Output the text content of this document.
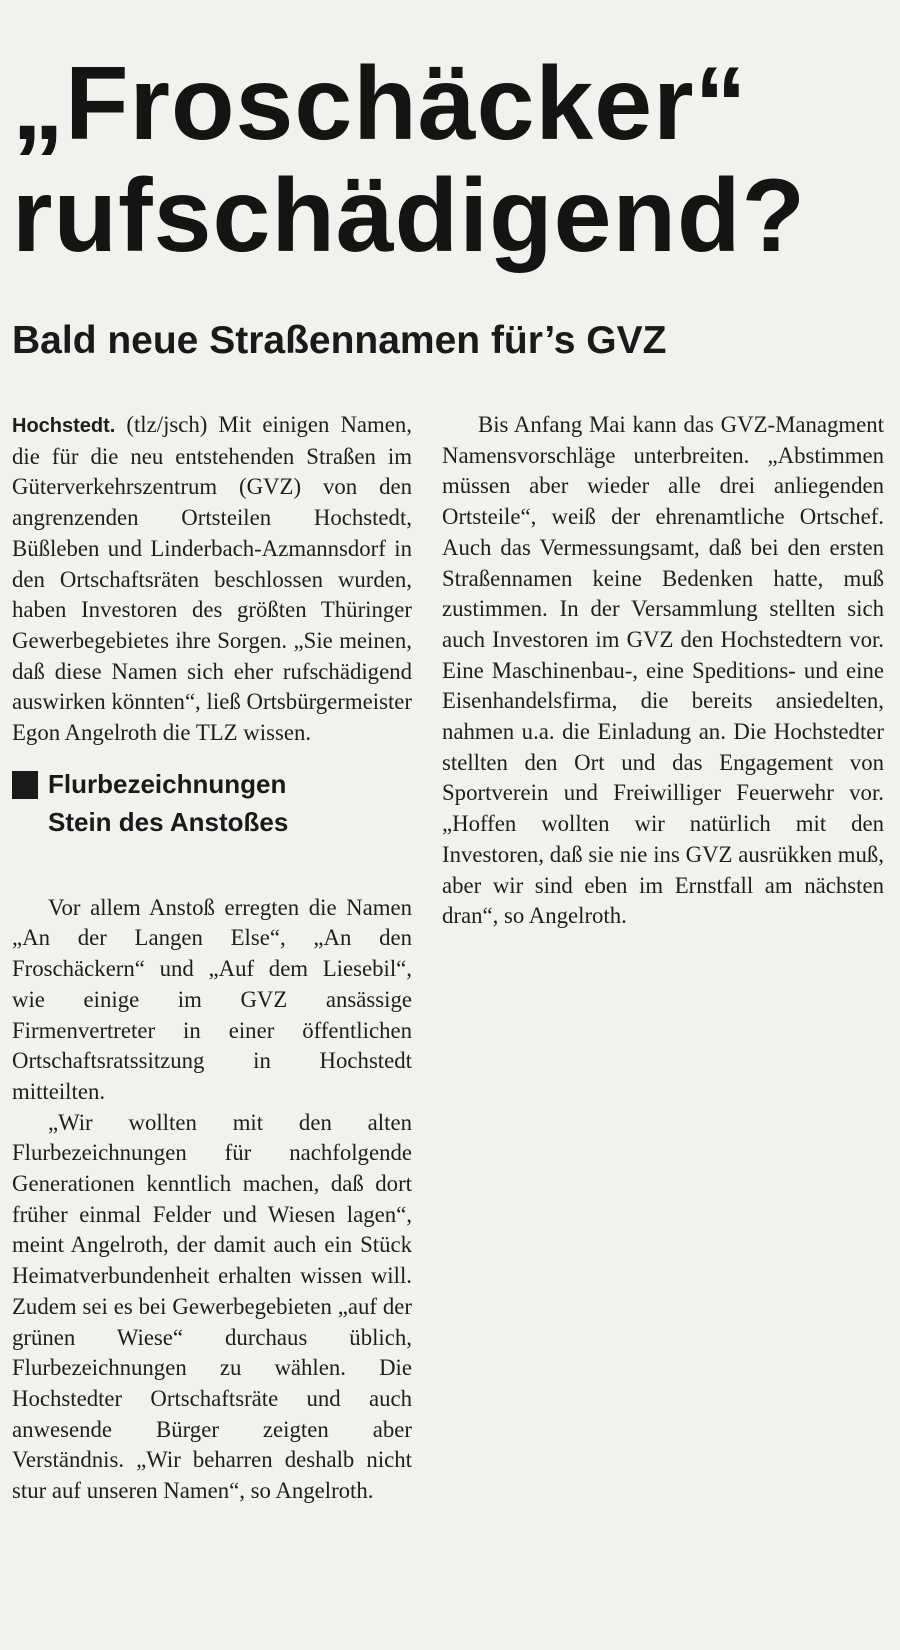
„Froschäcker“
rufschädigend?
Bald neue Straßennamen für’s GVZ

Hochstedt. (tlz/jsch) Mit einigen Namen, die für die neu entstehenden Straßen im Güterverkehrszentrum (GVZ) von den angrenzenden Ortsteilen Hochstedt, Büßleben und Linderbach-Azmannsdorf in den Ortschaftsräten beschlossen wurden, haben Investoren des größten Thüringer Gewerbegebietes ihre Sorgen. „Sie meinen, daß diese Namen sich eher rufschädigend auswirken könnten“, ließ Ortsbürgermeister Egon Angelroth die TLZ wissen.

Flurbezeichnungen
Stein des Anstoßes

Vor allem Anstoß erregten die Namen „An der Langen Else“, „An den Froschäckern“ und „Auf dem Liesebil“, wie einige im GVZ ansässige Firmenvertreter in einer öffentlichen Ortschaftsratssitzung in Hochstedt mitteilten.

„Wir wollten mit den alten Flurbezeichnungen für nachfolgende Generationen kenntlich machen, daß dort früher einmal Felder und Wiesen lagen“, meint Angelroth, der damit auch ein Stück Heimatverbundenheit erhalten wissen will. Zudem sei es bei Gewerbegebieten „auf der grünen Wiese“ durchaus üblich, Flurbezeichnungen zu wählen. Die Hochstedter Ortschaftsräte und auch anwesende Bürger zeigten aber Verständnis. „Wir beharren deshalb nicht stur auf unseren Namen“, so Angelroth.

Bis Anfang Mai kann das GVZ-Managment Namensvorschläge unterbreiten. „Abstimmen müssen aber wieder alle drei anliegenden Ortsteile“, weiß der ehrenamtliche Ortschef. Auch das Vermessungsamt, daß bei den ersten Straßennamen keine Bedenken hatte, muß zustimmen. In der Versammlung stellten sich auch Investoren im GVZ den Hochstedtern vor. Eine Maschinenbau-, eine Speditions- und eine Eisenhandelsfirma, die bereits ansiedelten, nahmen u.a. die Einladung an. Die Hochstedter stellten den Ort und das Engagement von Sportverein und Freiwilliger Feuerwehr vor. „Hoffen wollten wir natürlich mit den Investoren, daß sie nie ins GVZ ausrükken muß, aber wir sind eben im Ernstfall am nächsten dran“, so Angelroth.
